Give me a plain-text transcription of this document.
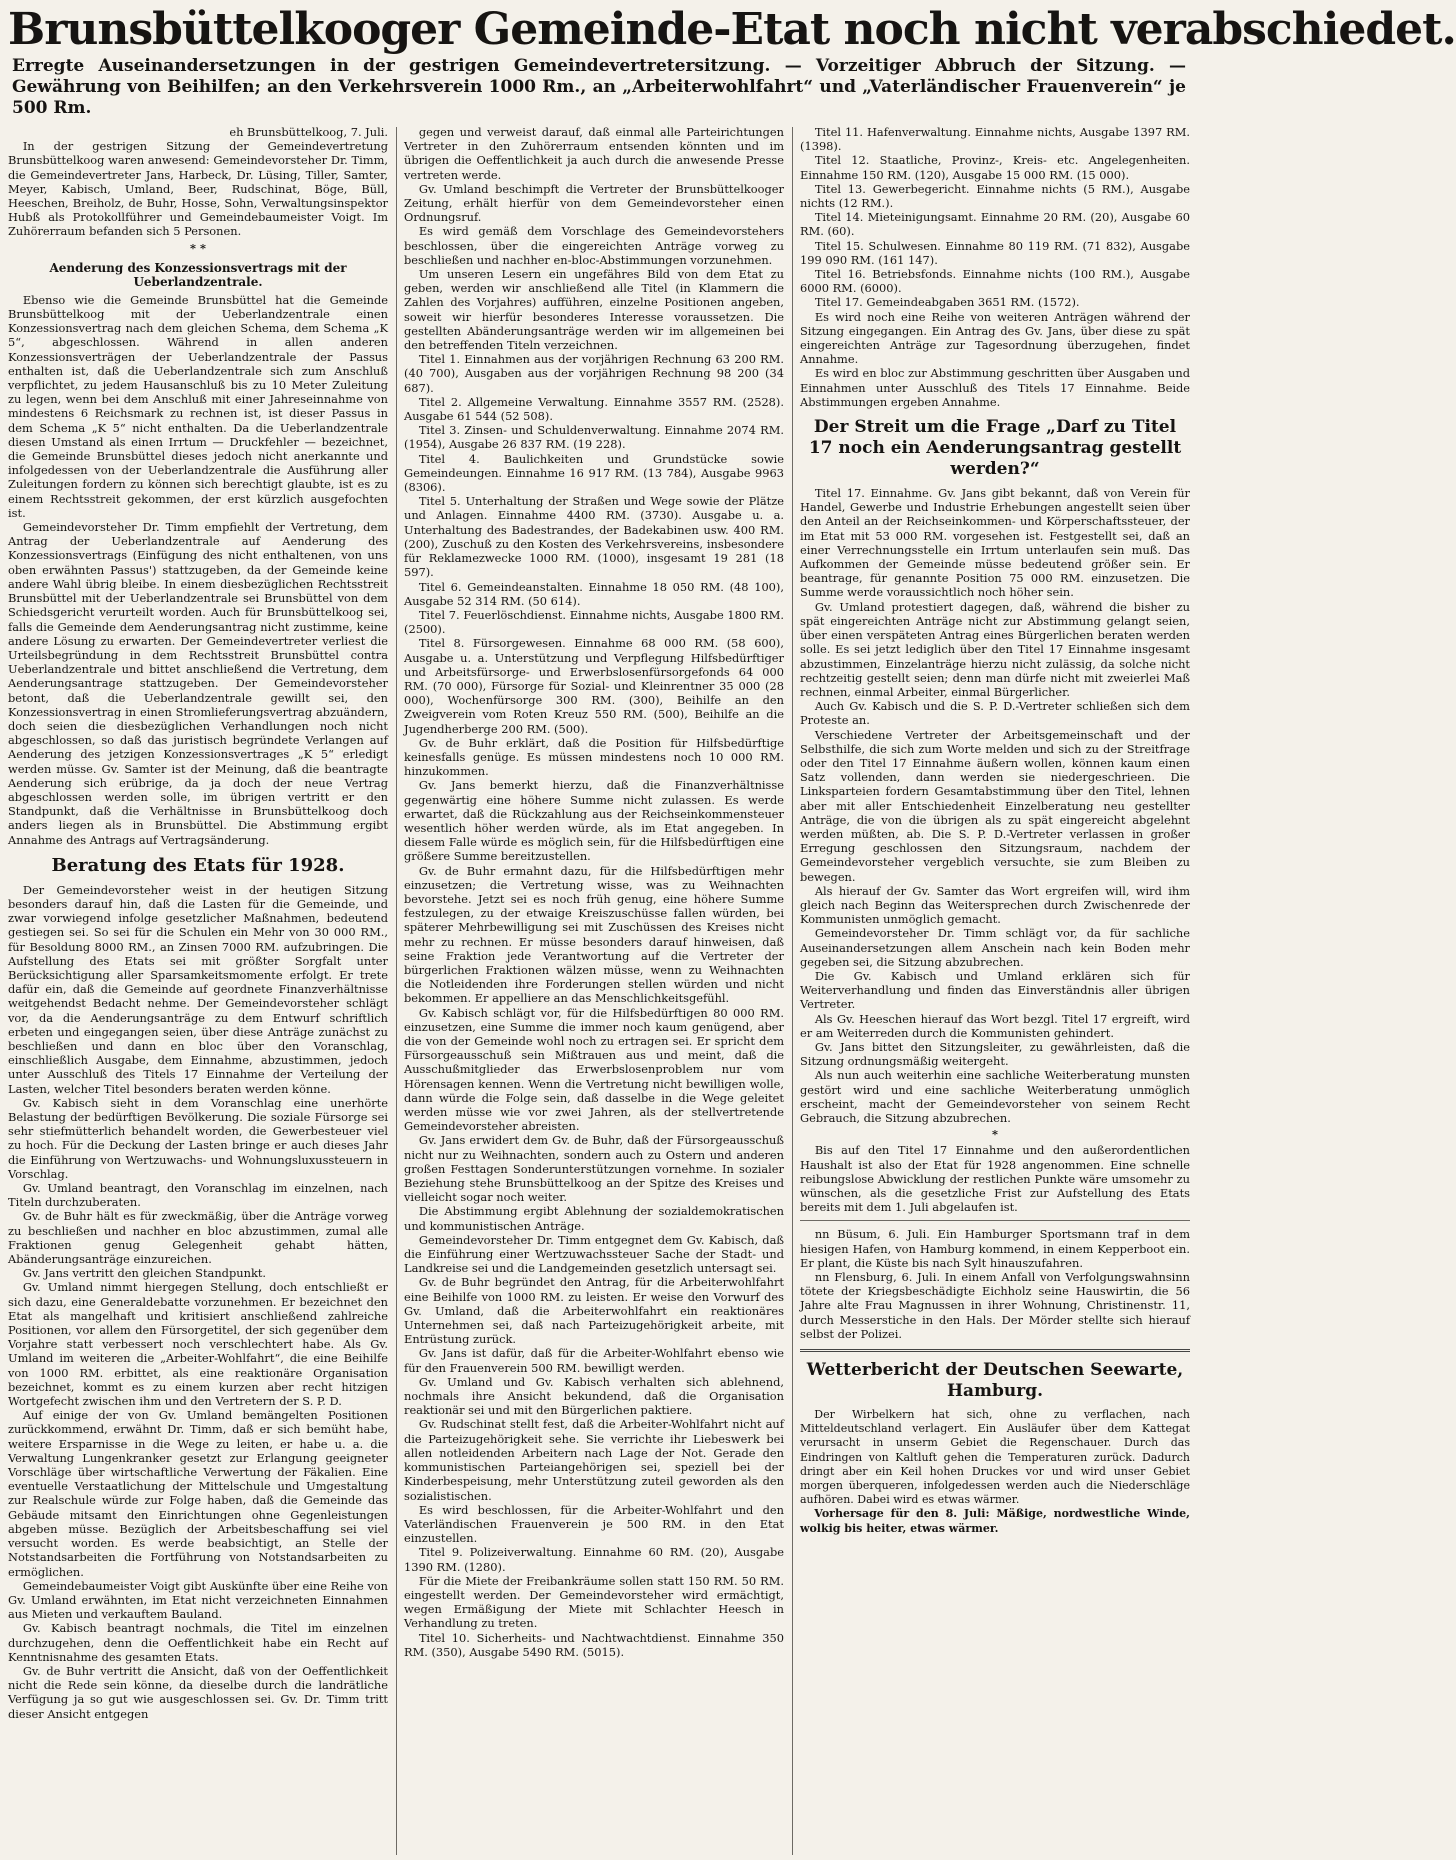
Brunsbüttelkooger Gemeinde-Etat noch nicht verabschiedet.
Erregte Auseinandersetzungen in der gestrigen Gemeindevertretersitzung. — Vorzeitiger Abbruch der Sitzung. — Gewährung von Beihilfen; an den Verkehrsverein 1000 Rm., an „Arbeiterwohlfahrt“ und „Vaterländischer Frauenverein“ je 500 Rm.

eh Brunsbüttelkoog, 7. Juli.

In der gestrigen Sitzung der Gemeindevertretung Brunsbüttelkoog waren anwesend: Gemeindevorsteher Dr. Timm, die Gemeindevertreter Jans, Harbeck, Dr. Lüsing, Tiller, Samter, Meyer, Kabisch, Umland, Beer, Rudschinat, Böge, Büll, Heeschen, Breiholz, de Buhr, Hosse, Sohn, Verwaltungsinspektor Hubß als Protokollführer und Gemeindebaumeister Voigt. Im Zuhörerraum befanden sich 5 Personen.

* *
Aenderung des Konzessionsvertrags mit der Ueberlandzentrale.

Ebenso wie die Gemeinde Brunsbüttel hat die Gemeinde Brunsbüttelkoog mit der Ueberlandzentrale einen Konzessionsvertrag nach dem gleichen Schema, dem Schema „K 5“, abgeschlossen. Während in allen anderen Konzessionsverträgen der Ueberlandzentrale der Passus enthalten ist, daß die Ueberlandzentrale sich zum Anschluß verpflichtet, zu jedem Hausanschluß bis zu 10 Meter Zuleitung zu legen, wenn bei dem Anschluß mit einer Jahreseinnahme von mindestens 6 Reichsmark zu rechnen ist, ist dieser Passus in dem Schema „K 5“ nicht enthalten. Da die Ueberlandzentrale diesen Umstand als einen Irrtum — Druckfehler — bezeichnet, die Gemeinde Brunsbüttel dieses jedoch nicht anerkannte und infolgedessen von der Ueberlandzentrale die Ausführung aller Zuleitungen fordern zu können sich berechtigt glaubte, ist es zu einem Rechtsstreit gekommen, der erst kürzlich ausgefochten ist.

Gemeindevorsteher Dr. Timm empfiehlt der Vertretung, dem Antrag der Ueberlandzentrale auf Aenderung des Konzessionsvertrags (Einfügung des nicht enthaltenen, von uns oben erwähnten Passus') stattzugeben, da der Gemeinde keine andere Wahl übrig bleibe. In einem diesbezüglichen Rechtsstreit Brunsbüttel mit der Ueberlandzentrale sei Brunsbüttel von dem Schiedsgericht verurteilt worden. Auch für Brunsbüttelkoog sei, falls die Gemeinde dem Aenderungsantrag nicht zustimme, keine andere Lösung zu erwarten. Der Gemeindevertreter verliest die Urteilsbegründung in dem Rechtsstreit Brunsbüttel contra Ueberlandzentrale und bittet anschließend die Vertretung, dem Aenderungsantrage stattzugeben. Der Gemeindevorsteher betont, daß die Ueberlandzentrale gewillt sei, den Konzessionsvertrag in einen Stromlieferungsvertrag abzuändern, doch seien die diesbezüglichen Verhandlungen noch nicht abgeschlossen, so daß das juristisch begründete Verlangen auf Aenderung des jetzigen Konzessionsvertrages „K 5“ erledigt werden müsse. Gv. Samter ist der Meinung, daß die beantragte Aenderung sich erübrige, da ja doch der neue Vertrag abgeschlossen werden solle, im übrigen vertritt er den Standpunkt, daß die Verhältnisse in Brunsbüttelkoog doch anders liegen als in Brunsbüttel. Die Abstimmung ergibt Annahme des Antrags auf Vertragsänderung.

Beratung des Etats für 1928.

Der Gemeindevorsteher weist in der heutigen Sitzung besonders darauf hin, daß die Lasten für die Gemeinde, und zwar vorwiegend infolge gesetzlicher Maßnahmen, bedeutend gestiegen sei. So sei für die Schulen ein Mehr von 30 000 RM., für Besoldung 8000 RM., an Zinsen 7000 RM. aufzubringen. Die Aufstellung des Etats sei mit größter Sorgfalt unter Berücksichtigung aller Sparsamkeitsmomente erfolgt. Er trete dafür ein, daß die Gemeinde auf geordnete Finanzverhältnisse weitgehendst Bedacht nehme. Der Gemeindevorsteher schlägt vor, da die Aenderungsanträge zu dem Entwurf schriftlich erbeten und eingegangen seien, über diese Anträge zunächst zu beschließen und dann en bloc über den Voranschlag, einschließlich Ausgabe, dem Einnahme, abzustimmen, jedoch unter Ausschluß des Titels 17 Einnahme der Verteilung der Lasten, welcher Titel besonders beraten werden könne.

Gv. Kabisch sieht in dem Voranschlag eine unerhörte Belastung der bedürftigen Bevölkerung. Die soziale Fürsorge sei sehr stiefmütterlich behandelt worden, die Gewerbesteuer viel zu hoch. Für die Deckung der Lasten bringe er auch dieses Jahr die Einführung von Wertzuwachs- und Wohnungsluxussteuern in Vorschlag.

Gv. Umland beantragt, den Voranschlag im einzelnen, nach Titeln durchzuberaten.

Gv. de Buhr hält es für zweckmäßig, über die Anträge vorweg zu beschließen und nachher en bloc abzustimmen, zumal alle Fraktionen genug Gelegenheit gehabt hätten, Abänderungsanträge einzureichen.

Gv. Jans vertritt den gleichen Standpunkt.

Gv. Umland nimmt hiergegen Stellung, doch entschließt er sich dazu, eine Generaldebatte vorzunehmen. Er bezeichnet den Etat als mangelhaft und kritisiert anschließend zahlreiche Positionen, vor allem den Fürsorgetitel, der sich gegenüber dem Vorjahre statt verbessert noch verschlechtert habe. Als Gv. Umland im weiteren die „Arbeiter-Wohlfahrt“, die eine Beihilfe von 1000 RM. erbittet, als eine reaktionäre Organisation bezeichnet, kommt es zu einem kurzen aber recht hitzigen Wortgefecht zwischen ihm und den Vertretern der S. P. D.

Auf einige der von Gv. Umland bemängelten Positionen zurückkommend, erwähnt Dr. Timm, daß er sich bemüht habe, weitere Ersparnisse in die Wege zu leiten, er habe u. a. die Verwaltung Lungenkranker gesetzt zur Erlangung geeigneter Vorschläge über wirtschaftliche Verwertung der Fäkalien. Eine eventuelle Verstaatlichung der Mittelschule und Umgestaltung zur Realschule würde zur Folge haben, daß die Gemeinde das Gebäude mitsamt den Einrichtungen ohne Gegenleistungen abgeben müsse. Bezüglich der Arbeitsbeschaffung sei viel versucht worden. Es werde beabsichtigt, an Stelle der Notstandsarbeiten die Fortführung von Notstandsarbeiten zu ermöglichen.

Gemeindebaumeister Voigt gibt Auskünfte über eine Reihe von Gv. Umland erwähnten, im Etat nicht verzeichneten Einnahmen aus Mieten und verkauftem Bauland.

Gv. Kabisch beantragt nochmals, die Titel im einzelnen durchzugehen, denn die Oeffentlichkeit habe ein Recht auf Kenntnisnahme des gesamten Etats.

Gv. de Buhr vertritt die Ansicht, daß von der Oeffentlichkeit nicht die Rede sein könne, da dieselbe durch die landrätliche Verfügung ja so gut wie ausgeschlossen sei. Gv. Dr. Timm tritt dieser Ansicht entgegen

gegen und verweist darauf, daß einmal alle Parteirichtungen Vertreter in den Zuhörerraum entsenden könnten und im übrigen die Oeffentlichkeit ja auch durch die anwesende Presse vertreten werde.

Gv. Umland beschimpft die Vertreter der Brunsbüttelkooger Zeitung, erhält hierfür von dem Gemeindevorsteher einen Ordnungsruf.

Es wird gemäß dem Vorschlage des Gemeindevorstehers beschlossen, über die eingereichten Anträge vorweg zu beschließen und nachher en-bloc-Abstimmungen vorzunehmen.

Um unseren Lesern ein ungefähres Bild von dem Etat zu geben, werden wir anschließend alle Titel (in Klammern die Zahlen des Vorjahres) aufführen, einzelne Positionen angeben, soweit wir hierfür besonderes Interesse voraussetzen. Die gestellten Abänderungsanträge werden wir im allgemeinen bei den betreffenden Titeln verzeichnen.

Titel 1. Einnahmen aus der vorjährigen Rechnung 63 200 RM. (40 700), Ausgaben aus der vorjährigen Rechnung 98 200 (34 687).

Titel 2. Allgemeine Verwaltung. Einnahme 3557 RM. (2528). Ausgabe 61 544 (52 508).

Titel 3. Zinsen- und Schuldenverwaltung. Einnahme 2074 RM. (1954), Ausgabe 26 837 RM. (19 228).

Titel 4. Baulichkeiten und Grundstücke sowie Gemeindeungen. Einnahme 16 917 RM. (13 784), Ausgabe 9963 (8306).

Titel 5. Unterhaltung der Straßen und Wege sowie der Plätze und Anlagen. Einnahme 4400 RM. (3730). Ausgabe u. a. Unterhaltung des Badestrandes, der Badekabinen usw. 400 RM. (200), Zuschuß zu den Kosten des Verkehrsvereins, insbesondere für Reklamezwecke 1000 RM. (1000), insgesamt 19 281 (18 597).

Titel 6. Gemeindeanstalten. Einnahme 18 050 RM. (48 100), Ausgabe 52 314 RM. (50 614).

Titel 7. Feuerlöschdienst. Einnahme nichts, Ausgabe 1800 RM. (2500).

Titel 8. Fürsorgewesen. Einnahme 68 000 RM. (58 600), Ausgabe u. a. Unterstützung und Verpflegung Hilfsbedürftiger und Arbeitsfürsorge- und Erwerbslosenfürsorgefonds 64 000 RM. (70 000), Fürsorge für Sozial- und Kleinrentner 35 000 (28 000), Wochenfürsorge 300 RM. (300), Beihilfe an den Zweigverein vom Roten Kreuz 550 RM. (500), Beihilfe an die Jugendherberge 200 RM. (500).

Gv. de Buhr erklärt, daß die Position für Hilfsbedürftige keinesfalls genüge. Es müssen mindestens noch 10 000 RM. hinzukommen.

Gv. Jans bemerkt hierzu, daß die Finanzverhältnisse gegenwärtig eine höhere Summe nicht zulassen. Es werde erwartet, daß die Rückzahlung aus der Reichseinkommensteuer wesentlich höher werden würde, als im Etat angegeben. In diesem Falle würde es möglich sein, für die Hilfsbedürftigen eine größere Summe bereitzustellen.

Gv. de Buhr ermahnt dazu, für die Hilfsbedürftigen mehr einzusetzen; die Vertretung wisse, was zu Weihnachten bevorstehe. Jetzt sei es noch früh genug, eine höhere Summe festzulegen, zu der etwaige Kreiszuschüsse fallen würden, bei späterer Mehrbewilligung sei mit Zuschüssen des Kreises nicht mehr zu rechnen. Er müsse besonders darauf hinweisen, daß seine Fraktion jede Verantwortung auf die Vertreter der bürgerlichen Fraktionen wälzen müsse, wenn zu Weihnachten die Notleidenden ihre Forderungen stellen würden und nicht bekommen. Er appelliere an das Menschlichkeitsgefühl.

Gv. Kabisch schlägt vor, für die Hilfsbedürftigen 80 000 RM. einzusetzen, eine Summe die immer noch kaum genügend, aber die von der Gemeinde wohl noch zu ertragen sei. Er spricht dem Fürsorgeausschuß sein Mißtrauen aus und meint, daß die Ausschußmitglieder das Erwerbslosenproblem nur vom Hörensagen kennen. Wenn die Vertretung nicht bewilligen wolle, dann würde die Folge sein, daß dasselbe in die Wege geleitet werden müsse wie vor zwei Jahren, als der stellvertretende Gemeindevorsteher abreisten.

Gv. Jans erwidert dem Gv. de Buhr, daß der Fürsorgeausschuß nicht nur zu Weihnachten, sondern auch zu Ostern und anderen großen Festtagen Sonderunterstützungen vornehme. In sozialer Beziehung stehe Brunsbüttelkoog an der Spitze des Kreises und vielleicht sogar noch weiter.

Die Abstimmung ergibt Ablehnung der sozialdemokratischen und kommunistischen Anträge.

Gemeindevorsteher Dr. Timm entgegnet dem Gv. Kabisch, daß die Einführung einer Wertzuwachssteuer Sache der Stadt- und Landkreise sei und die Landgemeinden gesetzlich untersagt sei.

Gv. de Buhr begründet den Antrag, für die Arbeiterwohlfahrt eine Beihilfe von 1000 RM. zu leisten. Er weise den Vorwurf des Gv. Umland, daß die Arbeiterwohlfahrt ein reaktionäres Unternehmen sei, daß nach Parteizugehörigkeit arbeite, mit Entrüstung zurück.

Gv. Jans ist dafür, daß für die Arbeiter-Wohlfahrt ebenso wie für den Frauenverein 500 RM. bewilligt werden.

Gv. Umland und Gv. Kabisch verhalten sich ablehnend, nochmals ihre Ansicht bekundend, daß die Organisation reaktionär sei und mit den Bürgerlichen paktiere.

Gv. Rudschinat stellt fest, daß die Arbeiter-Wohlfahrt nicht auf die Parteizugehörigkeit sehe. Sie verrichte ihr Liebeswerk bei allen notleidenden Arbeitern nach Lage der Not. Gerade den kommunistischen Parteiangehörigen sei, speziell bei der Kinderbespeisung, mehr Unterstützung zuteil geworden als den sozialistischen.

Es wird beschlossen, für die Arbeiter-Wohlfahrt und den Vaterländischen Frauenverein je 500 RM. in den Etat einzustellen.

Titel 9. Polizeiverwaltung. Einnahme 60 RM. (20), Ausgabe 1390 RM. (1280).

Für die Miete der Freibankräume sollen statt 150 RM. 50 RM. eingestellt werden. Der Gemeindevorsteher wird ermächtigt, wegen Ermäßigung der Miete mit Schlachter Heesch in Verhandlung zu treten.

Titel 10. Sicherheits- und Nachtwachtdienst. Einnahme 350 RM. (350), Ausgabe 5490 RM. (5015).

Titel 11. Hafenverwaltung. Einnahme nichts, Ausgabe 1397 RM. (1398).

Titel 12. Staatliche, Provinz-, Kreis- etc. Angelegenheiten. Einnahme 150 RM. (120), Ausgabe 15 000 RM. (15 000).

Titel 13. Gewerbegericht. Einnahme nichts (5 RM.), Ausgabe nichts (12 RM.).

Titel 14. Mieteinigungsamt. Einnahme 20 RM. (20), Ausgabe 60 RM. (60).

Titel 15. Schulwesen. Einnahme 80 119 RM. (71 832), Ausgabe 199 090 RM. (161 147).

Titel 16. Betriebsfonds. Einnahme nichts (100 RM.), Ausgabe 6000 RM. (6000).

Titel 17. Gemeindeabgaben 3651 RM. (1572).

Es wird noch eine Reihe von weiteren Anträgen während der Sitzung eingegangen. Ein Antrag des Gv. Jans, über diese zu spät eingereichten Anträge zur Tagesordnung überzugehen, findet Annahme.

Es wird en bloc zur Abstimmung geschritten über Ausgaben und Einnahmen unter Ausschluß des Titels 17 Einnahme. Beide Abstimmungen ergeben Annahme.

Der Streit um die Frage „Darf zu Titel 17 noch ein Aenderungsantrag gestellt werden?“

Titel 17. Einnahme. Gv. Jans gibt bekannt, daß von Verein für Handel, Gewerbe und Industrie Erhebungen angestellt seien über den Anteil an der Reichseinkommen- und Körperschaftssteuer, der im Etat mit 53 000 RM. vorgesehen ist. Festgestellt sei, daß an einer Verrechnungsstelle ein Irrtum unterlaufen sein muß. Das Aufkommen der Gemeinde müsse bedeutend größer sein. Er beantrage, für genannte Position 75 000 RM. einzusetzen. Die Summe werde voraussichtlich noch höher sein.

Gv. Umland protestiert dagegen, daß, während die bisher zu spät eingereichten Anträge nicht zur Abstimmung gelangt seien, über einen verspäteten Antrag eines Bürgerlichen beraten werden solle. Es sei jetzt lediglich über den Titel 17 Einnahme insgesamt abzustimmen, Einzelanträge hierzu nicht zulässig, da solche nicht rechtzeitig gestellt seien; denn man dürfe nicht mit zweierlei Maß rechnen, einmal Arbeiter, einmal Bürgerlicher.

Auch Gv. Kabisch und die S. P. D.-Vertreter schließen sich dem Proteste an.

Verschiedene Vertreter der Arbeitsgemeinschaft und der Selbsthilfe, die sich zum Worte melden und sich zu der Streitfrage oder den Titel 17 Einnahme äußern wollen, können kaum einen Satz vollenden, dann werden sie niedergeschrieen. Die Linksparteien fordern Gesamtabstimmung über den Titel, lehnen aber mit aller Entschiedenheit Einzelberatung neu gestellter Anträge, die von die übrigen als zu spät eingereicht abgelehnt werden müßten, ab. Die S. P. D.-Vertreter verlassen in großer Erregung geschlossen den Sitzungsraum, nachdem der Gemeindevorsteher vergeblich versuchte, sie zum Bleiben zu bewegen.

Als hierauf der Gv. Samter das Wort ergreifen will, wird ihm gleich nach Beginn das Weitersprechen durch Zwischenrede der Kommunisten unmöglich gemacht.

Gemeindevorsteher Dr. Timm schlägt vor, da für sachliche Auseinandersetzungen allem Anschein nach kein Boden mehr gegeben sei, die Sitzung abzubrechen.

Die Gv. Kabisch und Umland erklären sich für Weiterverhandlung und finden das Einverständnis aller übrigen Vertreter.

Als Gv. Heeschen hierauf das Wort bezgl. Titel 17 ergreift, wird er am Weiterreden durch die Kommunisten gehindert.

Gv. Jans bittet den Sitzungsleiter, zu gewährleisten, daß die Sitzung ordnungsmäßig weitergeht.

Als nun auch weiterhin eine sachliche Weiterberatung munsten gestört wird und eine sachliche Weiterberatung unmöglich erscheint, macht der Gemeindevorsteher von seinem Recht Gebrauch, die Sitzung abzubrechen.

*

Bis auf den Titel 17 Einnahme und den außerordentlichen Haushalt ist also der Etat für 1928 angenommen. Eine schnelle reibungslose Abwicklung der restlichen Punkte wäre umsomehr zu wünschen, als die gesetzliche Frist zur Aufstellung des Etats bereits mit dem 1. Juli abgelaufen ist.

nn Büsum, 6. Juli. Ein Hamburger Sportsmann traf in dem hiesigen Hafen, von Hamburg kommend, in einem Kepperboot ein. Er plant, die Küste bis nach Sylt hinauszufahren.

nn Flensburg, 6. Juli. In einem Anfall von Verfolgungswahnsinn tötete der Kriegsbeschädigte Eichholz seine Hauswirtin, die 56 Jahre alte Frau Magnussen in ihrer Wohnung, Christinenstr. 11, durch Messerstiche in den Hals. Der Mörder stellte sich hierauf selbst der Polizei.

Wetterbericht der Deutschen Seewarte, Hamburg.

Der Wirbelkern hat sich, ohne zu verflachen, nach Mitteldeutschland verlagert. Ein Ausläufer über dem Kattegat verursacht in unserm Gebiet die Regenschauer. Durch das Eindringen von Kaltluft gehen die Temperaturen zurück. Dadurch dringt aber ein Keil hohen Druckes vor und wird unser Gebiet morgen überqueren, infolgedessen werden auch die Niederschläge aufhören. Dabei wird es etwas wärmer.

Vorhersage für den 8. Juli: Mäßige, nordwestliche Winde, wolkig bis heiter, etwas wärmer.
